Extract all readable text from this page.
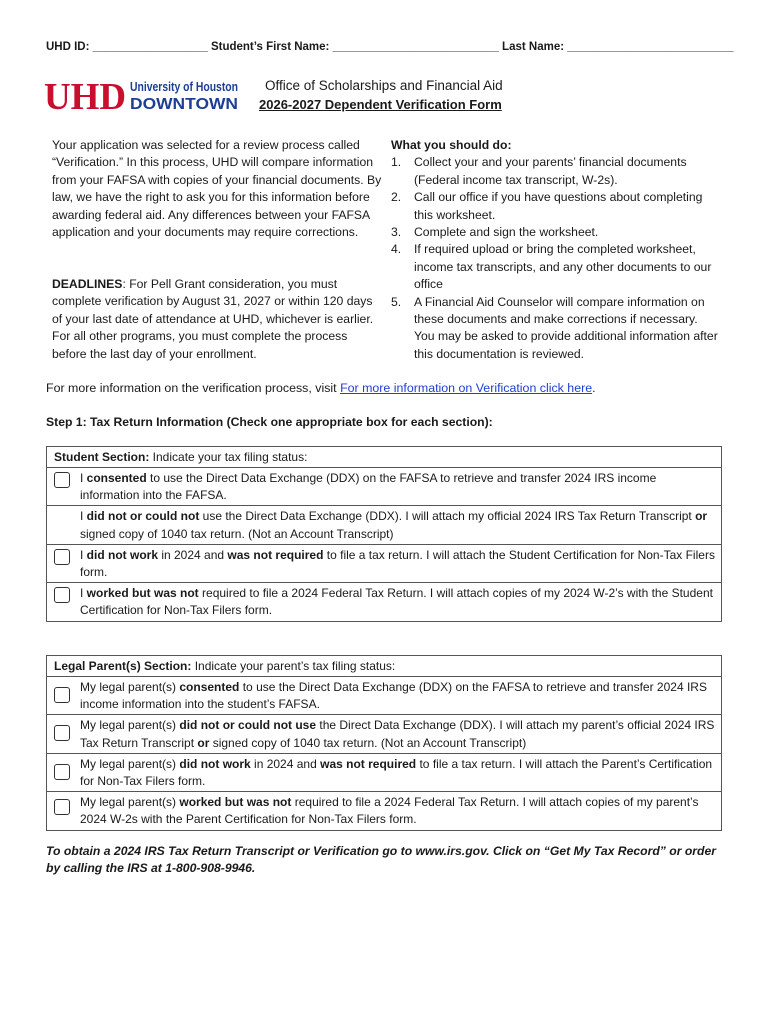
UHD ID: __________________ Student’s First Name: __________________________ Last Name: __________________________
UHD University of Houston
DOWNTOWN
Office of Scholarships and Financial Aid
2026-2027 Dependent Verification Form
Your application was selected for a review process called “Verification.” In this process, UHD will compare information from your FAFSA with copies of your financial documents. By law, we have the right to ask you for this information before awarding federal aid. Any differences between your FAFSA application and your documents may require corrections.
DEADLINES: For Pell Grant consideration, you must complete verification by August 31, 2027 or within 120 days of your last date of attendance at UHD, whichever is earlier. For all other programs, you must complete the process before the last day of your enrollment.
What you should do:
1. Collect your and your parents’ financial documents (Federal income tax transcript, W-2s).
2. Call our office if you have questions about completing this worksheet.
3. Complete and sign the worksheet.
4. If required upload or bring the completed worksheet, income tax transcripts, and any other documents to our office
5. A Financial Aid Counselor will compare information on these documents and make corrections if necessary. You may be asked to provide additional information after this documentation is reviewed.
For more information on the verification process, visit For more information on Verification click here.
Step 1: Tax Return Information (Check one appropriate box for each section):
Student Section: Indicate your tax filing status:
I consented to use the Direct Data Exchange (DDX) on the FAFSA to retrieve and transfer 2024 IRS income information into the FAFSA.
I did not or could not use the Direct Data Exchange (DDX). I will attach my official 2024 IRS Tax Return Transcript or signed copy of 1040 tax return. (Not an Account Transcript)
I did not work in 2024 and was not required to file a tax return. I will attach the Student Certification for Non-Tax Filers form.
I worked but was not required to file a 2024 Federal Tax Return. I will attach copies of my 2024 W-2’s with the Student Certification for Non-Tax Filers form.
Legal Parent(s) Section: Indicate your parent’s tax filing status:
My legal parent(s) consented to use the Direct Data Exchange (DDX) on the FAFSA to retrieve and transfer 2024 IRS income information into the student’s FAFSA.
My legal parent(s) did not or could not use the Direct Data Exchange (DDX). I will attach my parent’s official 2024 IRS Tax Return Transcript or signed copy of 1040 tax return. (Not an Account Transcript)
My legal parent(s) did not work in 2024 and was not required to file a tax return. I will attach the Parent’s Certification for Non-Tax Filers form.
My legal parent(s) worked but was not required to file a 2024 Federal Tax Return. I will attach copies of my parent’s 2024 W-2s with the Parent Certification for Non-Tax Filers form.
To obtain a 2024 IRS Tax Return Transcript or Verification go to www.irs.gov. Click on “Get My Tax Record” or order by calling the IRS at 1-800-908-9946.
